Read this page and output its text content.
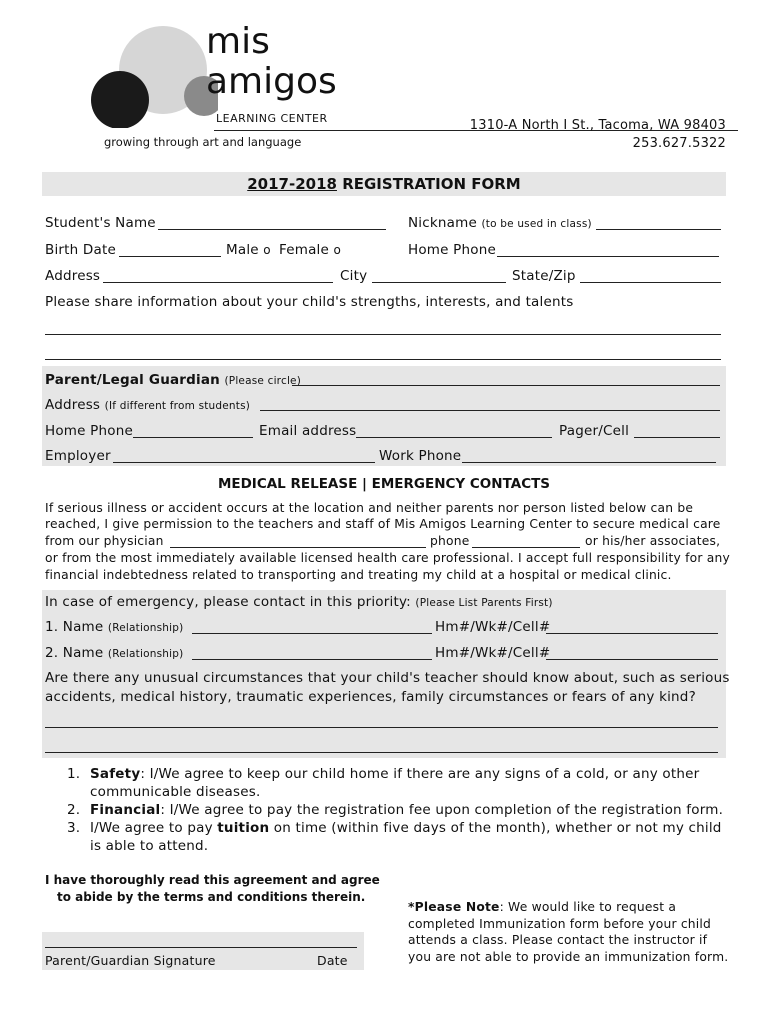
mis
amigos
LEARNING CENTER
growing through art and language
1310-A North I St., Tacoma, WA 98403
253.627.5322
2017-2018 REGISTRATION FORM
Student's Name	Nickname (to be used in class)
Birth Date	Male o Female o	Home Phone
Address	City	State/Zip
Please share information about your child's strengths, interests, and talents
Parent/Legal Guardian (Please circle)
Address (If different from students)
Home Phone	Email address	Pager/Cell
Employer	Work Phone
MEDICAL RELEASE | EMERGENCY CONTACTS
If serious illness or accident occurs at the location and neither parents nor person listed below can be
reached, I give permission to the teachers and staff of Mis Amigos Learning Center to secure medical care
from our physician	phone	or his/her associates,
or from the most immediately available licensed health care professional. I accept full responsibility for any
financial indebtedness related to transporting and treating my child at a hospital or medical clinic.
In case of emergency, please contact in this priority: (Please List Parents First)
1. Name (Relationship)	Hm#/Wk#/Cell#
2. Name (Relationship)	Hm#/Wk#/Cell#
Are there any unusual circumstances that your child's teacher should know about, such as serious
accidents, medical history, traumatic experiences, family circumstances or fears of any kind?
1. Safety: I/We agree to keep our child home if there are any signs of a cold, or any other
communicable diseases.
2. Financial: I/We agree to pay the registration fee upon completion of the registration form.
3. I/We agree to pay tuition on time (within five days of the month), whether or not my child
is able to attend.
I have thoroughly read this agreement and agree
to abide by the terms and conditions therein.
Parent/Guardian Signature	Date
*Please Note: We would like to request a
completed Immunization form before your child
attends a class. Please contact the instructor if
you are not able to provide an immunization form.
